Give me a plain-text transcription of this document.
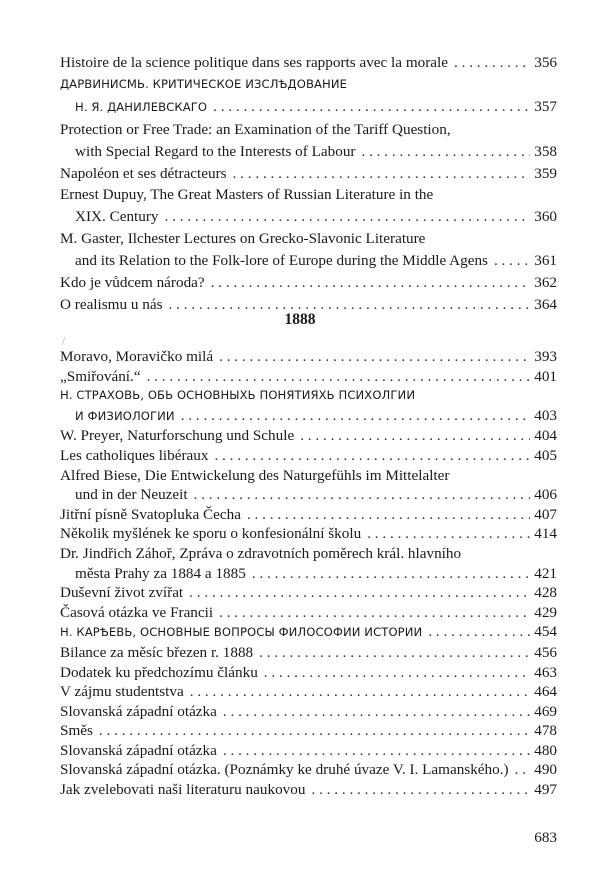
Histoire de la science politique dans ses rapports avec la morale . . .	356
ДАРВИНИСМЬ. КРИТИЧЕСКОЕ ИЗСЛѢДОВАНИЕ
Н. Я. ДАНИЛЕВСКАГО . . .	357
Protection or Free Trade: an Examination of the Tariff Question,
with Special Regard to the Interests of Labour . . .	358
Napoléon et ses détracteurs . . .	359
Ernest Dupuy, The Great Masters of Russian Literature in the
XIX. Century . . .	360
M. Gaster, Ilchester Lectures on Grecko-Slavonic Literature
and its Relation to the Folk-lore of Europe during the Middle Agens . . .	361
Kdo je vůdcem národa? . . .	362
O realismu u nás . . .	364
1888
Moravo, Moravičko milá . . .	393
„Smiřování.“ . . .	401
Н. СТРАХОВЬ, ОБЬ ОСНОВНЫХЬ ПОНЯТИЯХЬ ПСИХОЛГИИ
И ФИЗИОЛОГИИ . . .	403
W. Preyer, Naturforschung und Schule . . .	404
Les catholiques libéraux . . .	405
Alfred Biese, Die Entwickelung des Naturgefühls im Mittelalter
und in der Neuzeit . . .	406
Jitřní písně Svatopluka Čecha . . .	407
Několik myšlének ke sporu o konfesionální školu . . .	414
Dr. Jindřich Záhoř, Zpráva o zdravotních poměrech král. hlavního
města Prahy za 1884 a 1885 . . .	421
Duševní život zvířat . . .	428
Časová otázka ve Francii . . .	429
Н. КАРѢЕВЬ, ОСНОВНЫЕ ВОПРОСЫ ФИЛОСОФИИ ИСТОРИИ . . .	454
Bilance za měsíc březen r. 1888 . . .	456
Dodatek ku předchozímu článku . . .	463
V zájmu studentstva . . .	464
Slovanská západní otázka . . .	469
Směs . . .	478
Slovanská západní otázka . . .	480
Slovanská západní otázka. (Poznámky ke druhé úvaze V. I. Lamanského.) . . . 490
Jak zvelebovati naši literaturu naukovou . . .	497
683
